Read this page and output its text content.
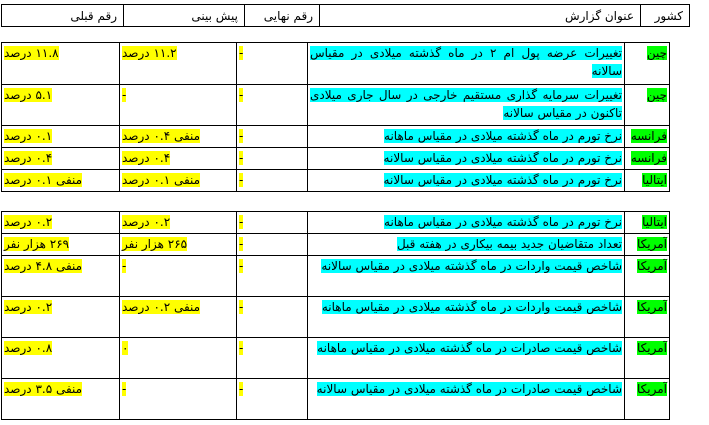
کشور	عنوان گزارش	رقم نهایی	پیش بینی	رقم قبلی
چین	تغییرات عرضه پول ام ۲ در ماه گذشته میلادی در مقیاس سالانه	-	۱۱.۲ درصد	۱۱.۸ درصد
چین	تغییرات سرمایه گذاری مستقیم خارجی در سال جاری میلادی تاکنون در مقیاس سالانه	-	-	۵.۱ درصد
فرانسه	نرخ تورم در ماه گذشته میلادی در مقیاس ماهانه	-	منفی ۰.۴ درصد	۰.۱ درصد
فرانسه	نرخ تورم در ماه گذشته میلادی در مقیاس سالانه	-	۰.۴ درصد	۰.۴ درصد
ایتالیا	نرخ تورم در ماه گذشته میلادی در مقیاس سالانه	-	منفی ۰.۱ درصد	منفی ۰.۱ درصد
ایتالیا	نرخ تورم در ماه گذشته میلادی در مقیاس ماهانه	-	۰.۲ درصد	۰.۲ درصد
آمریکا	تعداد متقاضیان جدید بیمه بیکاری در هفته قبل	-	۲۶۵ هزار نفر	۲۶۹ هزار نفر
آمریکا	شاخص قیمت واردات در ماه گذشته میلادی در مقیاس سالانه	-	-	منفی ۴.۸ درصد
آمریکا	شاخص قیمت واردات در ماه گذشته میلادی در مقیاس ماهانه	-	منفی ۰.۲ درصد	۰.۲ درصد
آمریکا	شاخص قیمت صادرات در ماه گذشته میلادی در مقیاس ماهانه	-	۰	۰.۸ درصد
آمریکا	شاخص قیمت صادرات در ماه گذشته میلادی در مقیاس سالانه	-	-	منفی ۳.۵ درصد
